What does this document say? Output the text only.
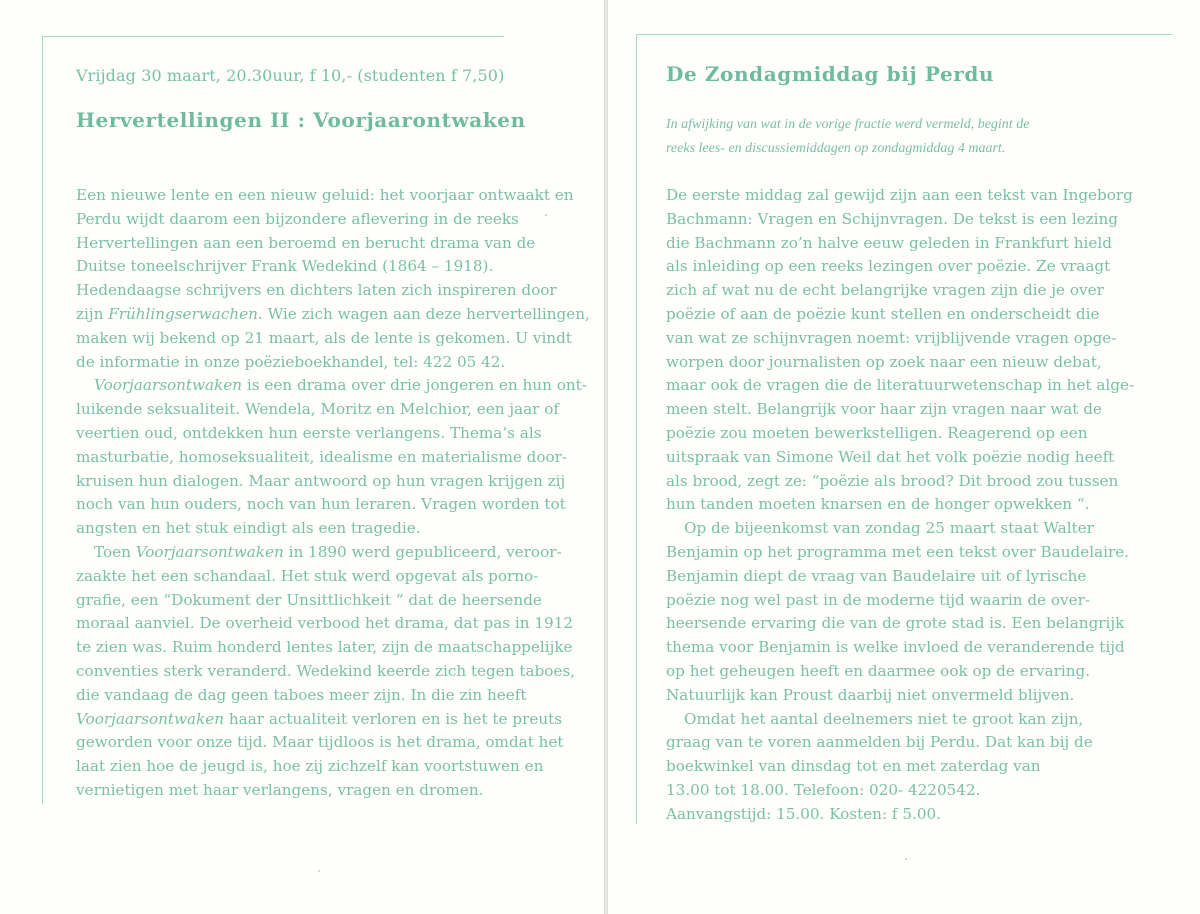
Vrijdag 30 maart, 20.30uur, f 10,- (studenten f 7,50)
Hervertellingen II : Voorjaarontwaken
Een nieuwe lente en een nieuw geluid: het voorjaar ontwaakt en
Perdu wijdt daarom een bijzondere aflevering in de reeks
Hervertellingen aan een beroemd en berucht drama van de
Duitse toneelschrijver Frank Wedekind (1864 – 1918).
Hedendaagse schrijvers en dichters laten zich inspireren door
zijn Frühlingserwachen. Wie zich wagen aan deze hervertellingen,
maken wij bekend op 21 maart, als de lente is gekomen. U vindt
de informatie in onze poëzieboekhandel, tel: 422 05 42.
Voorjaarsontwaken is een drama over drie jongeren en hun ont-
luikende seksualiteit. Wendela, Moritz en Melchior, een jaar of
veertien oud, ontdekken hun eerste verlangens. Thema’s als
masturbatie, homoseksualiteit, idealisme en materialisme door-
kruisen hun dialogen. Maar antwoord op hun vragen krijgen zij
noch van hun ouders, noch van hun leraren. Vragen worden tot
angsten en het stuk eindigt als een tragedie.
Toen Voorjaarsontwaken in 1890 werd gepubliceerd, veroor-
zaakte het een schandaal. Het stuk werd opgevat als porno-
grafie, een “Dokument der Unsittlichkeit “ dat de heersende
moraal aanviel. De overheid verbood het drama, dat pas in 1912
te zien was. Ruim honderd lentes later, zijn de maatschappelijke
conventies sterk veranderd. Wedekind keerde zich tegen taboes,
die vandaag de dag geen taboes meer zijn. In die zin heeft
Voorjaarsontwaken haar actualiteit verloren en is het te preuts
geworden voor onze tijd. Maar tijdloos is het drama, omdat het
laat zien hoe de jeugd is, hoe zij zichzelf kan voortstuwen en
vernietigen met haar verlangens, vragen en dromen.
De Zondagmiddag bij Perdu
In afwijking van wat in de vorige fractie werd vermeld, begint de
reeks lees- en discussiemiddagen op zondagmiddag 4 maart.
De eerste middag zal gewijd zijn aan een tekst van Ingeborg
Bachmann: Vragen en Schijnvragen. De tekst is een lezing
die Bachmann zo’n halve eeuw geleden in Frankfurt hield
als inleiding op een reeks lezingen over poëzie. Ze vraagt
zich af wat nu de echt belangrijke vragen zijn die je over
poëzie of aan de poëzie kunt stellen en onderscheidt die
van wat ze schijnvragen noemt: vrijblijvende vragen opge-
worpen door journalisten op zoek naar een nieuw debat,
maar ook de vragen die de literatuurwetenschap in het alge-
meen stelt. Belangrijk voor haar zijn vragen naar wat de
poëzie zou moeten bewerkstelligen. Reagerend op een
uitspraak van Simone Weil dat het volk poëzie nodig heeft
als brood, zegt ze: “poëzie als brood? Dit brood zou tussen
hun tanden moeten knarsen en de honger opwekken “.
Op de bijeenkomst van zondag 25 maart staat Walter
Benjamin op het programma met een tekst over Baudelaire.
Benjamin diept de vraag van Baudelaire uit of lyrische
poëzie nog wel past in de moderne tijd waarin de over-
heersende ervaring die van de grote stad is. Een belangrijk
thema voor Benjamin is welke invloed de veranderende tijd
op het geheugen heeft en daarmee ook op de ervaring.
Natuurlijk kan Proust daarbij niet onvermeld blijven.
Omdat het aantal deelnemers niet te groot kan zijn,
graag van te voren aanmelden bij Perdu. Dat kan bij de
boekwinkel van dinsdag tot en met zaterdag van
13.00 tot 18.00. Telefoon: 020- 4220542.
Aanvangstijd: 15.00. Kosten: f 5.00.
